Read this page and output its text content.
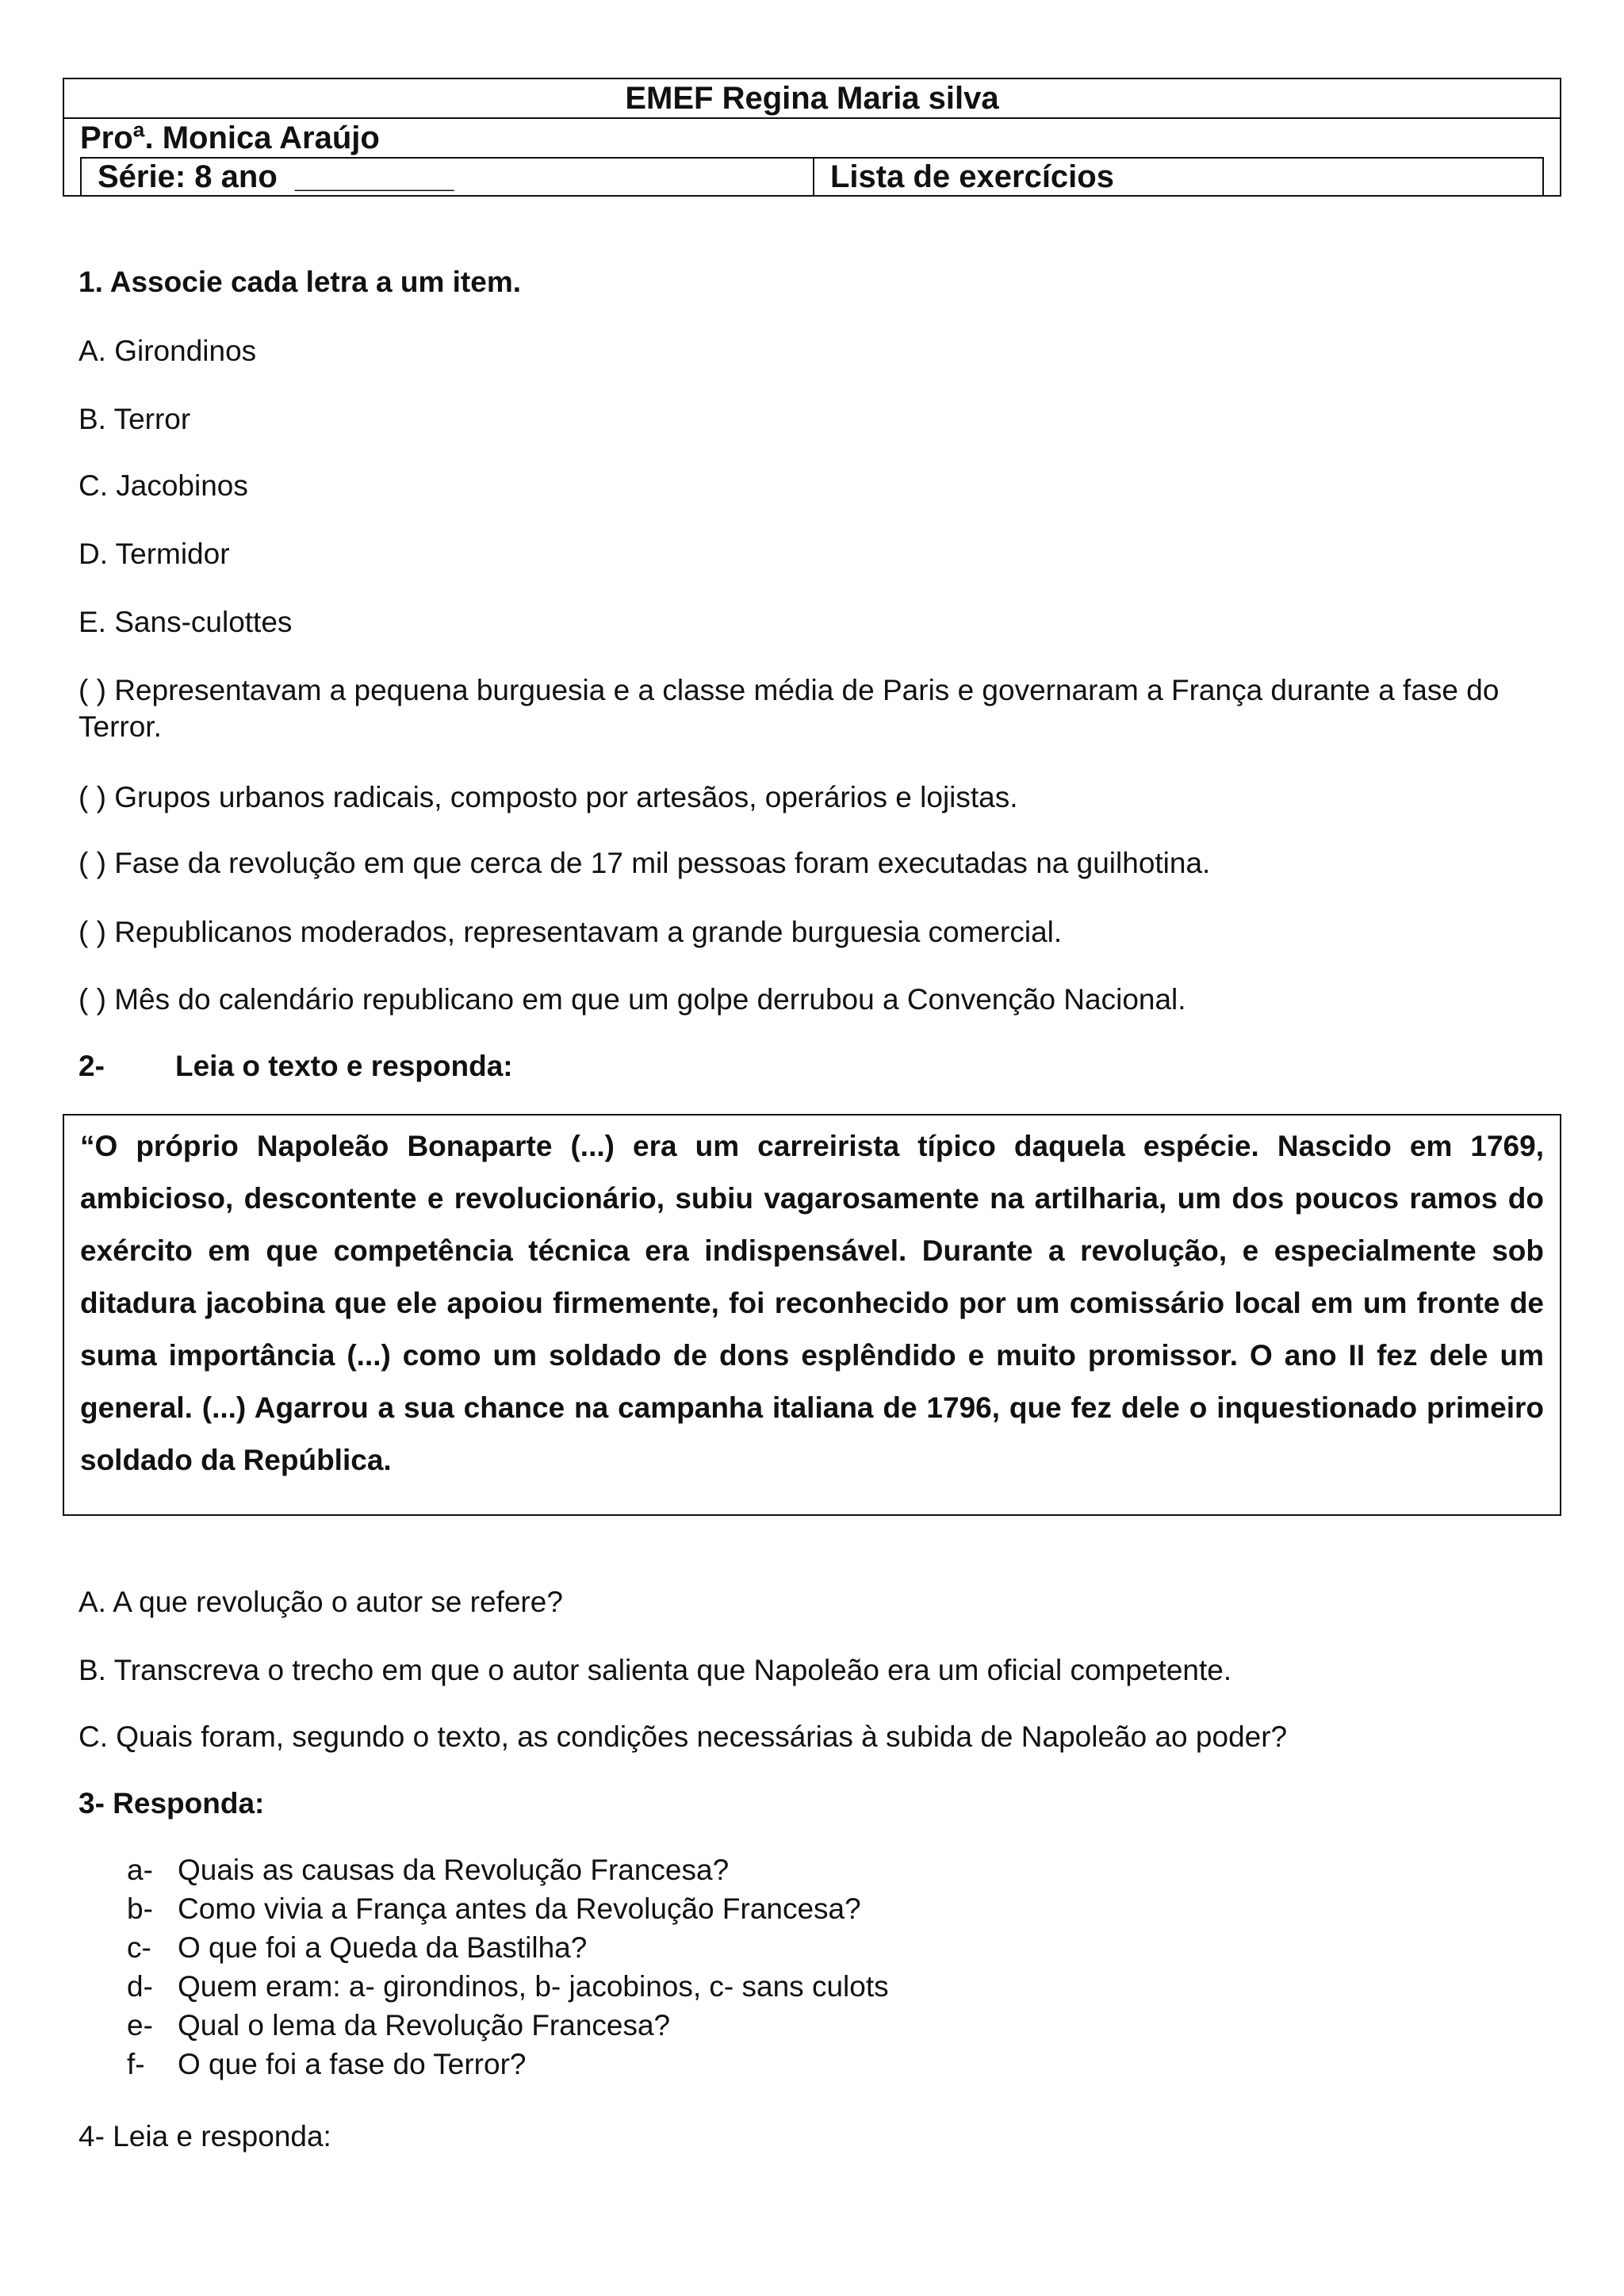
EMEF Regina Maria silva
Proª. Monica Araújo
Série: 8 ano  _________	Lista de exercícios
1. Associe cada letra a um item.
A. Girondinos
B. Terror
C. Jacobinos
D. Termidor
E. Sans-culottes
( ) Representavam a pequena burguesia e a classe média de Paris e governaram a França durante a fase do Terror.
( ) Grupos urbanos radicais, composto por artesãos, operários e lojistas.
( ) Fase da revolução em que cerca de 17 mil pessoas foram executadas na guilhotina.
( ) Republicanos moderados, representavam a grande burguesia comercial.
( ) Mês do calendário republicano em que um golpe derrubou a Convenção Nacional.
2- Leia o texto e responda:
“O próprio Napoleão Bonaparte (...) era um carreirista típico daquela espécie. Nascido em 1769, ambicioso, descontente e revolucionário, subiu vagarosamente na artilharia, um dos poucos ramos do exército em que competência técnica era indispensável. Durante a revolução, e especialmente sob ditadura jacobina que ele apoiou firmemente, foi reconhecido por um comissário local em um fronte de suma importância (...) como um soldado de dons esplêndido e muito promissor. O ano II fez dele um general. (...) Agarrou a sua chance na campanha italiana de 1796, que fez dele o inquestionado primeiro soldado da República.
A. A que revolução o autor se refere?
B. Transcreva o trecho em que o autor salienta que Napoleão era um oficial competente.
C. Quais foram, segundo o texto, as condições necessárias à subida de Napoleão ao poder?
3- Responda:
a- Quais as causas da Revolução Francesa?
b- Como vivia a França antes da Revolução Francesa?
c- O que foi a Queda da Bastilha?
d- Quem eram: a- girondinos, b- jacobinos, c- sans culots
e- Qual o lema da Revolução Francesa?
f-	O que foi a fase do Terror?
4- Leia e responda:
